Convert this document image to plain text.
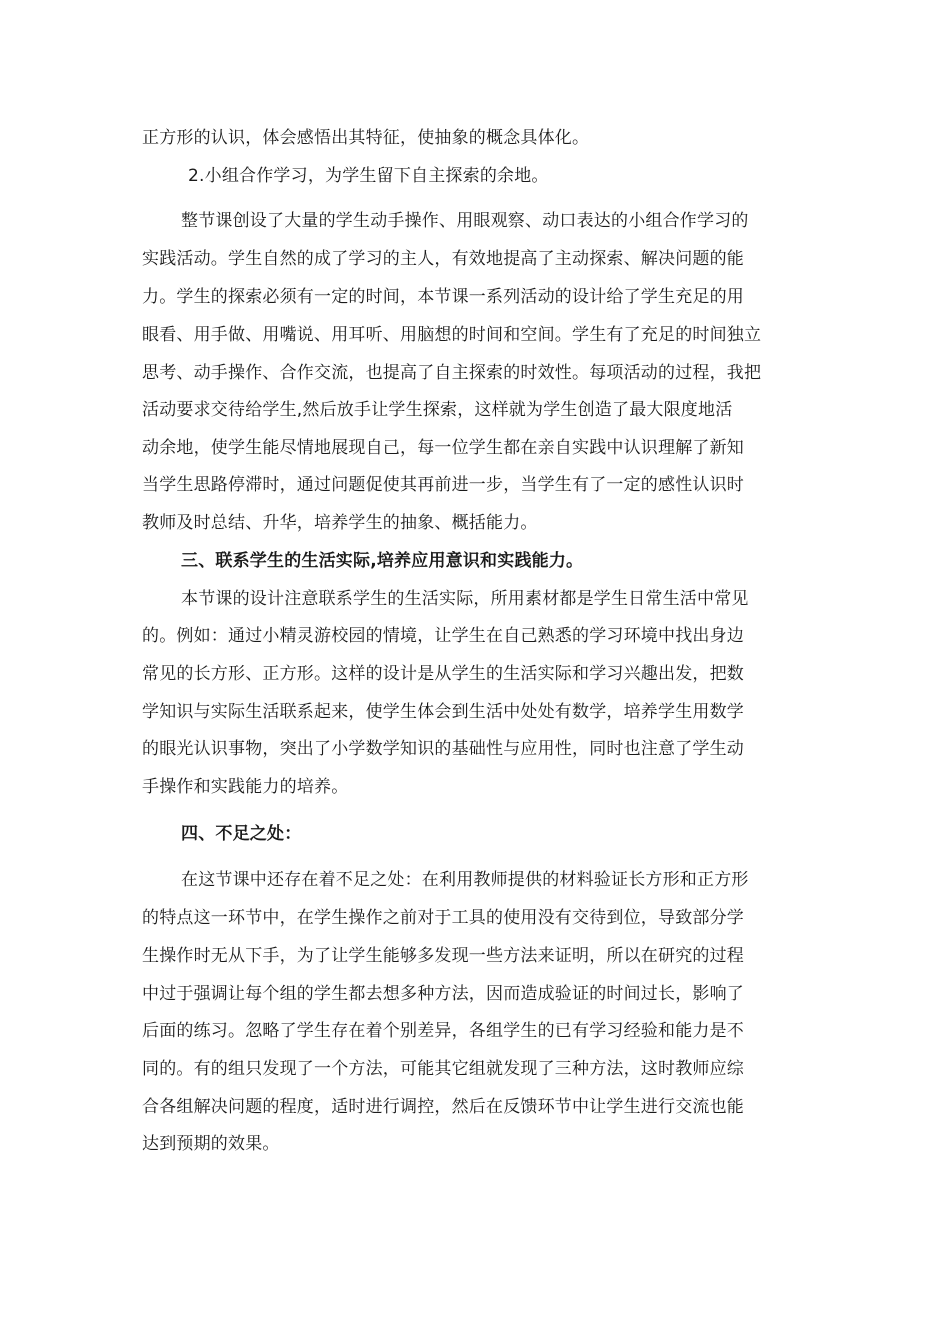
正方形的认识，体会感悟出其特征，使抽象的概念具体化。
2.小组合作学习，为学生留下自主探索的余地。
整节课创设了大量的学生动手操作、用眼观察、动口表达的小组合作学习的
实践活动。学生自然的成了学习的主人，有效地提高了主动探索、解决问题的能
力。学生的探索必须有一定的时间，本节课一系列活动的设计给了学生充足的用
眼看、用手做、用嘴说、用耳听、用脑想的时间和空间。学生有了充足的时间独立
思考、动手操作、合作交流，也提高了自主探索的时效性。每项活动的过程，我把
活动要求交待给学生,然后放手让学生探索，这样就为学生创造了最大限度地活
动余地，使学生能尽情地展现自己，每一位学生都在亲自实践中认识理解了新知
当学生思路停滞时，通过问题促使其再前进一步，当学生有了一定的感性认识时
教师及时总结、升华，培养学生的抽象、概括能力。
三、联系学生的生活实际,培养应用意识和实践能力。
本节课的设计注意联系学生的生活实际，所用素材都是学生日常生活中常见
的。例如：通过小精灵游校园的情境，让学生在自己熟悉的学习环境中找出身边
常见的长方形、正方形。这样的设计是从学生的生活实际和学习兴趣出发，把数
学知识与实际生活联系起来，使学生体会到生活中处处有数学，培养学生用数学
的眼光认识事物，突出了小学数学知识的基础性与应用性，同时也注意了学生动
手操作和实践能力的培养。
四、不足之处：
在这节课中还存在着不足之处：在利用教师提供的材料验证长方形和正方形
的特点这一环节中，在学生操作之前对于工具的使用没有交待到位，导致部分学
生操作时无从下手，为了让学生能够多发现一些方法来证明，所以在研究的过程
中过于强调让每个组的学生都去想多种方法，因而造成验证的时间过长，影响了
后面的练习。忽略了学生存在着个别差异，各组学生的已有学习经验和能力是不
同的。有的组只发现了一个方法，可能其它组就发现了三种方法，这时教师应综
合各组解决问题的程度，适时进行调控，然后在反馈环节中让学生进行交流也能
达到预期的效果。
